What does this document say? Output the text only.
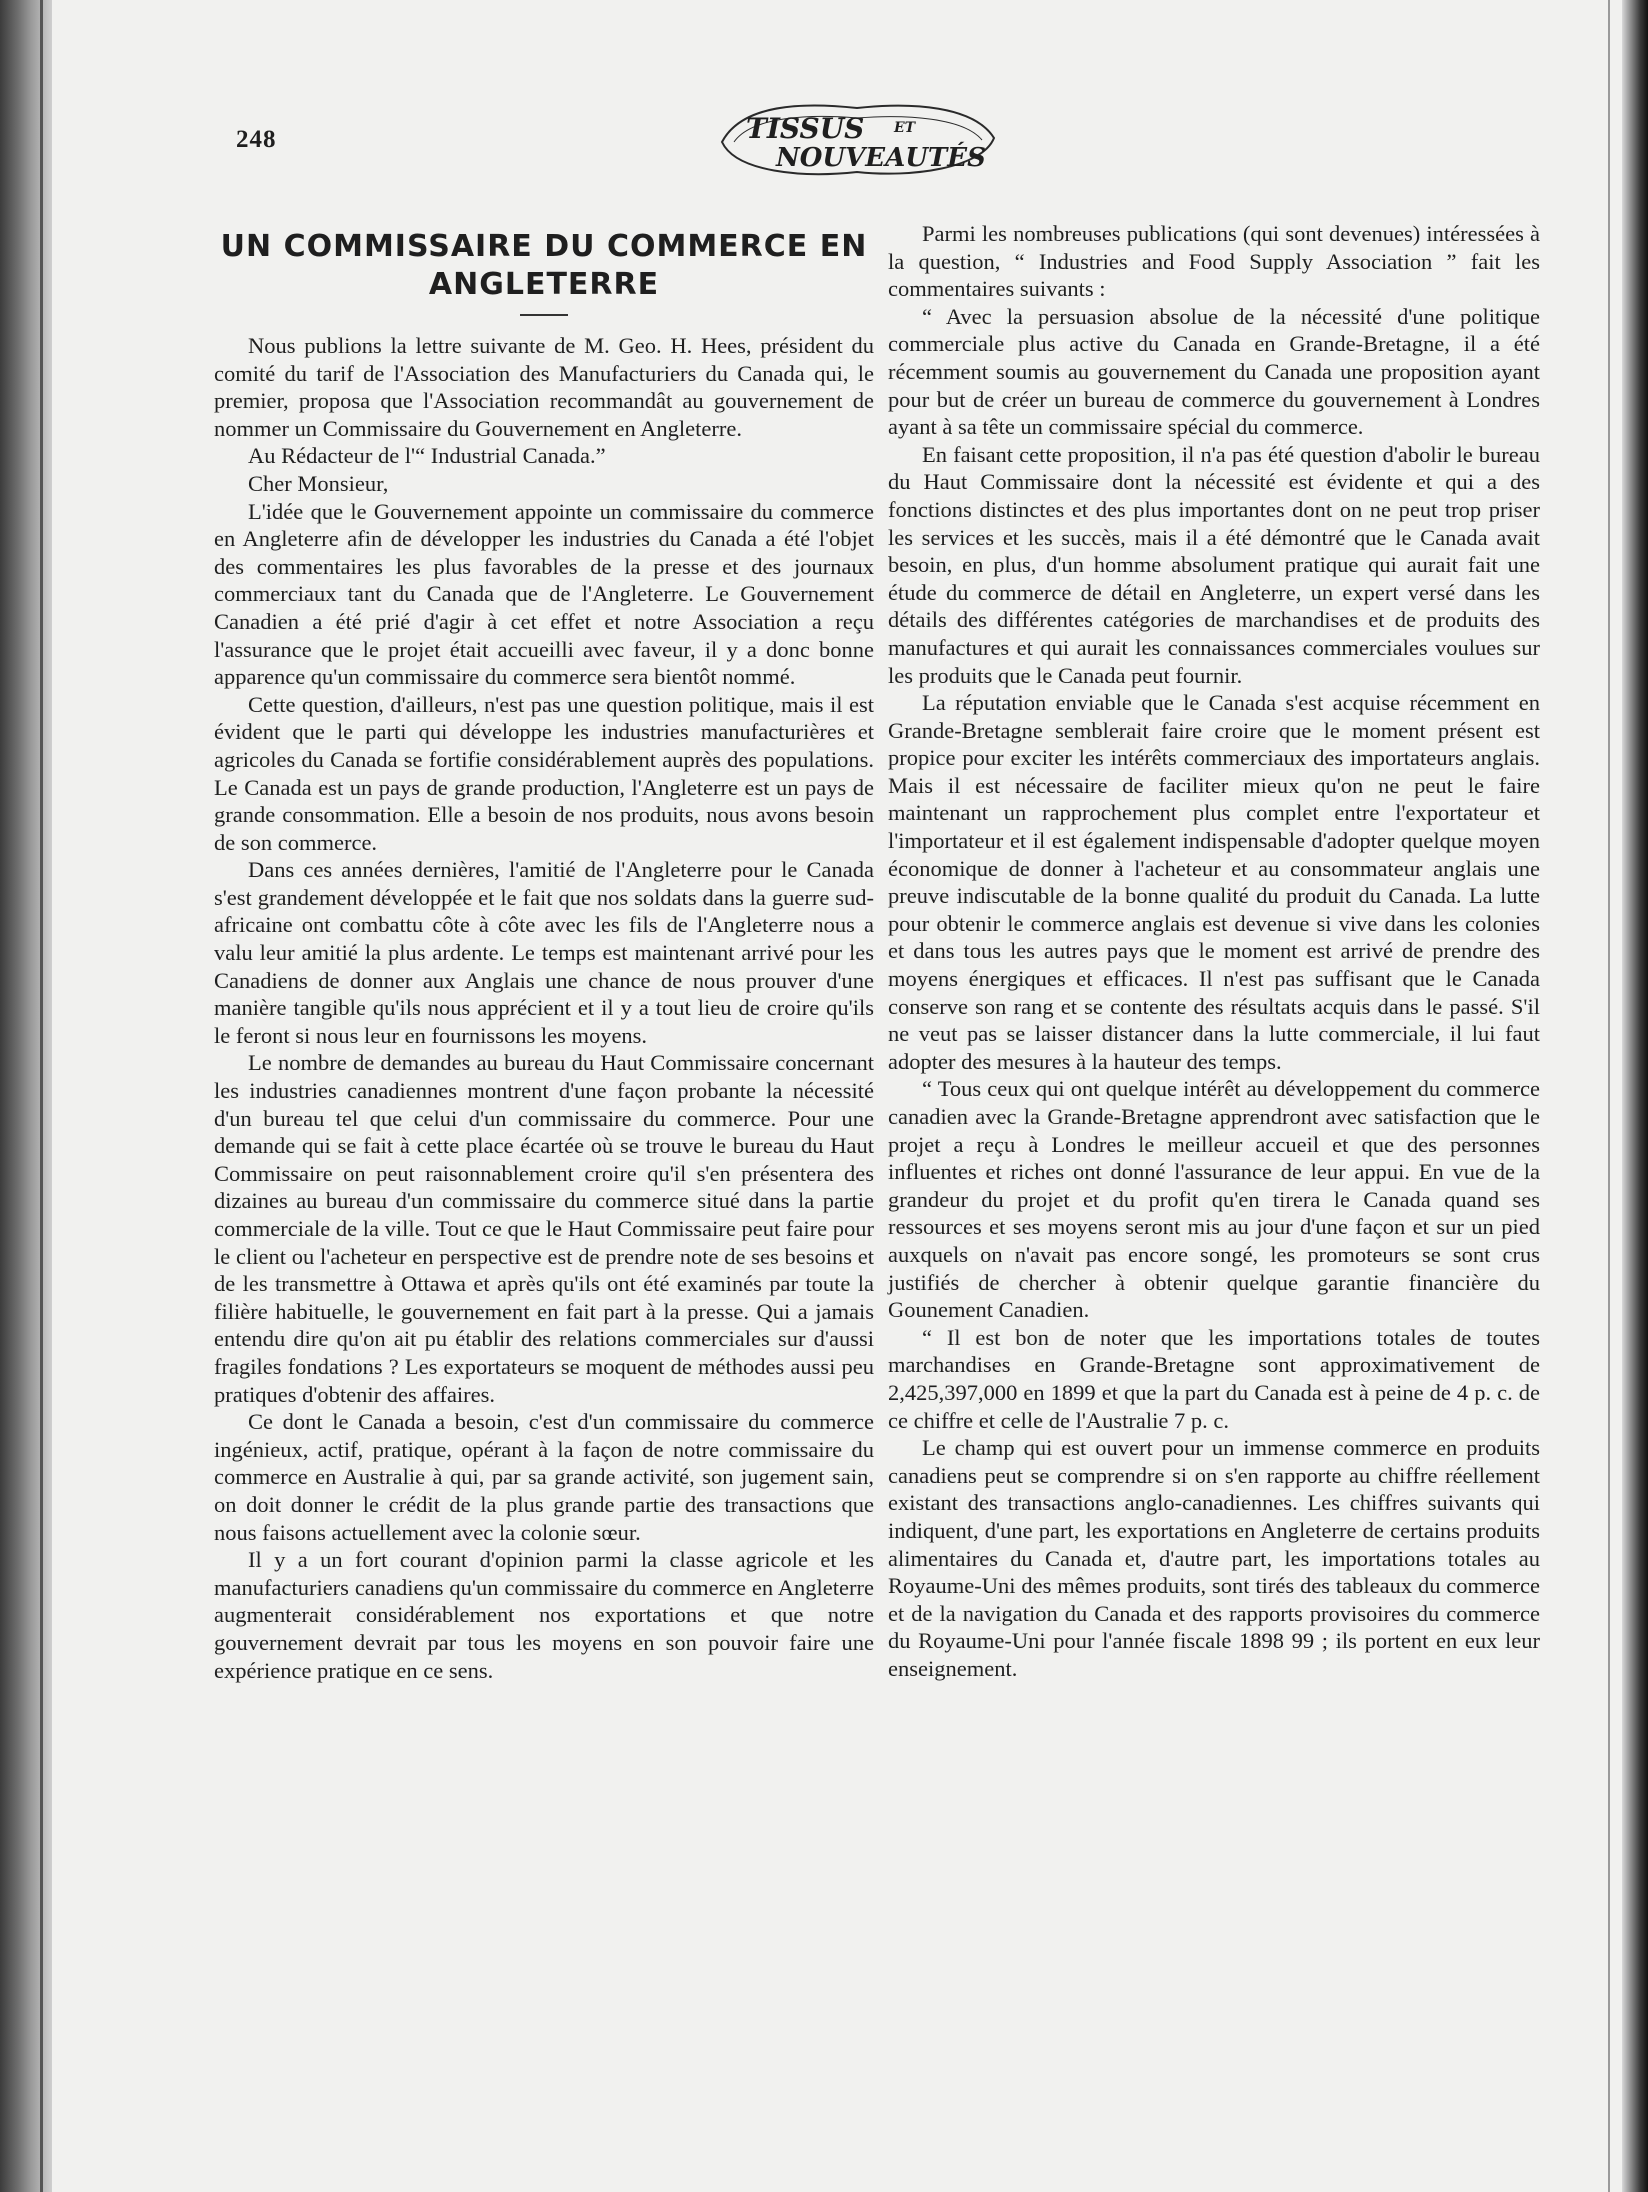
248	TISSUS ET
NOUVEAUTÉS
UN COMMISSAIRE DU COMMERCE EN
ANGLETERRE

Nous publions la lettre suivante de M. Geo. H. Hees, président du comité du tarif de l'Association des Manufacturiers du Canada qui, le premier, proposa que l'Association recommandât au gouvernement de nommer un Commissaire du Gouvernement en Angleterre.

Au Rédacteur de l'“ Industrial Canada.”

Cher Monsieur,

L'idée que le Gouvernement appointe un commissaire du commerce en Angleterre afin de développer les industries du Canada a été l'objet des commentaires les plus favorables de la presse et des journaux commerciaux tant du Canada que de l'Angleterre. Le Gouvernement Canadien a été prié d'agir à cet effet et notre Association a reçu l'assurance que le projet était accueilli avec faveur, il y a donc bonne apparence qu'un commissaire du commerce sera bientôt nommé.

Cette question, d'ailleurs, n'est pas une question politique, mais il est évident que le parti qui développe les industries manufacturières et agricoles du Canada se fortifie considérablement auprès des populations. Le Canada est un pays de grande production, l'Angleterre est un pays de grande consommation. Elle a besoin de nos produits, nous avons besoin de son commerce.

Dans ces années dernières, l'amitié de l'Angleterre pour le Canada s'est grandement développée et le fait que nos soldats dans la guerre sud-africaine ont combattu côte à côte avec les fils de l'Angleterre nous a valu leur amitié la plus ardente. Le temps est maintenant arrivé pour les Canadiens de donner aux Anglais une chance de nous prouver d'une manière tangible qu'ils nous apprécient et il y a tout lieu de croire qu'ils le feront si nous leur en fournissons les moyens.

Le nombre de demandes au bureau du Haut Commissaire concernant les industries canadiennes montrent d'une façon probante la nécessité d'un bureau tel que celui d'un commissaire du commerce. Pour une demande qui se fait à cette place écartée où se trouve le bureau du Haut Commissaire on peut raisonnablement croire qu'il s'en présentera des dizaines au bureau d'un commissaire du commerce situé dans la partie commerciale de la ville. Tout ce que le Haut Commissaire peut faire pour le client ou l'acheteur en perspective est de prendre note de ses besoins et de les transmettre à Ottawa et après qu'ils ont été examinés par toute la filière habituelle, le gouvernement en fait part à la presse. Qui a jamais entendu dire qu'on ait pu établir des relations commerciales sur d'aussi fragiles fondations ? Les exportateurs se moquent de méthodes aussi peu pratiques d'obtenir des affaires.

Ce dont le Canada a besoin, c'est d'un commissaire du commerce ingénieux, actif, pratique, opérant à la façon de notre commissaire du commerce en Australie à qui, par sa grande activité, son jugement sain, on doit donner le crédit de la plus grande partie des transactions que nous faisons actuellement avec la colonie sœur.

Il y a un fort courant d'opinion parmi la classe agricole et les manufacturiers canadiens qu'un commissaire du commerce en Angleterre augmenterait considérablement nos exportations et que notre gouvernement devrait par tous les moyens en son pouvoir faire une expérience pratique en ce sens.

Parmi les nombreuses publications (qui sont devenues) intéressées à la question, “ Industries and Food Supply Association ” fait les commentaires suivants :

“ Avec la persuasion absolue de la nécessité d'une politique commerciale plus active du Canada en Grande-Bretagne, il a été récemment soumis au gouvernement du Canada une proposition ayant pour but de créer un bureau de commerce du gouvernement à Londres ayant à sa tête un commissaire spécial du commerce.

En faisant cette proposition, il n'a pas été question d'abolir le bureau du Haut Commissaire dont la nécessité est évidente et qui a des fonctions distinctes et des plus importantes dont on ne peut trop priser les services et les succès, mais il a été démontré que le Canada avait besoin, en plus, d'un homme absolument pratique qui aurait fait une étude du commerce de détail en Angleterre, un expert versé dans les détails des différentes catégories de marchandises et de produits des manufactures et qui aurait les connaissances commerciales voulues sur les produits que le Canada peut fournir.

La réputation enviable que le Canada s'est acquise récemment en Grande-Bretagne semblerait faire croire que le moment présent est propice pour exciter les intérêts commerciaux des importateurs anglais. Mais il est nécessaire de faciliter mieux qu'on ne peut le faire maintenant un rapprochement plus complet entre l'exportateur et l'importateur et il est également indispensable d'adopter quelque moyen économique de donner à l'acheteur et au consommateur anglais une preuve indiscutable de la bonne qualité du produit du Canada. La lutte pour obtenir le commerce anglais est devenue si vive dans les colonies et dans tous les autres pays que le moment est arrivé de prendre des moyens énergiques et efficaces. Il n'est pas suffisant que le Canada conserve son rang et se contente des résultats acquis dans le passé. S'il ne veut pas se laisser distancer dans la lutte commerciale, il lui faut adopter des mesures à la hauteur des temps.

“ Tous ceux qui ont quelque intérêt au développement du commerce canadien avec la Grande-Bretagne apprendront avec satisfaction que le projet a reçu à Londres le meilleur accueil et que des personnes influentes et riches ont donné l'assurance de leur appui. En vue de la grandeur du projet et du profit qu'en tirera le Canada quand ses ressources et ses moyens seront mis au jour d'une façon et sur un pied auxquels on n'avait pas encore songé, les promoteurs se sont crus justifiés de chercher à obtenir quelque garantie financière du Gounement Canadien.

“ Il est bon de noter que les importations totales de toutes marchandises en Grande-Bretagne sont approximativement de 2,425,397,000 en 1899 et que la part du Canada est à peine de 4 p. c. de ce chiffre et celle de l'Australie 7 p. c.

Le champ qui est ouvert pour un immense commerce en produits canadiens peut se comprendre si on s'en rapporte au chiffre réellement existant des transactions anglo-canadiennes. Les chiffres suivants qui indiquent, d'une part, les exportations en Angleterre de certains produits alimentaires du Canada et, d'autre part, les importations totales au Royaume-Uni des mêmes produits, sont tirés des tableaux du commerce et de la navigation du Canada et des rapports provisoires du commerce du Royaume-Uni pour l'année fiscale 1898 99 ; ils portent en eux leur enseignement.
